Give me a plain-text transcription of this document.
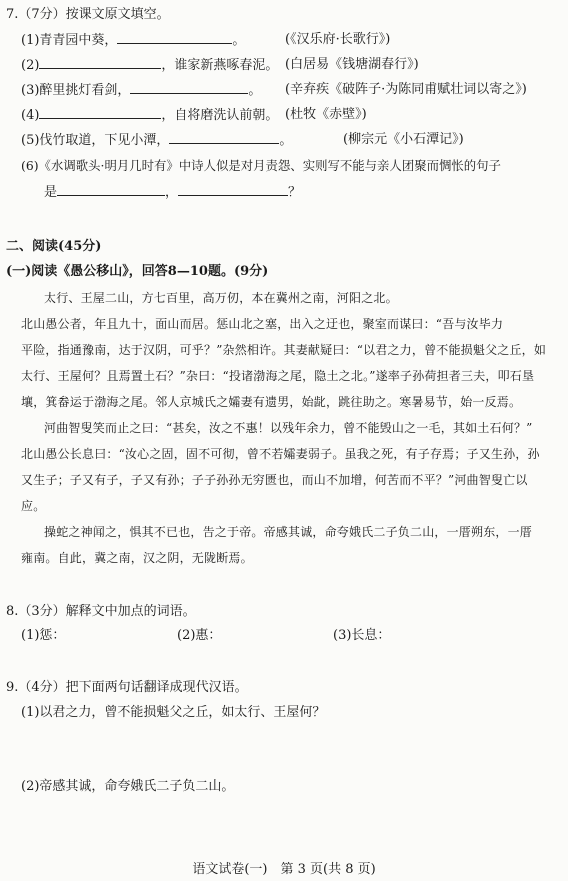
7.（7分）按课文原文填空。
(1)青青园中葵，	。	(《汉乐府·长歌行》)
(2)	，谁家新燕啄春泥。 (白居易《钱塘湖春行》)
(3)醉里挑灯看剑，	。 (辛弃疾《破阵子·为陈同甫赋壮词以寄之》)
(4)	，自将磨洗认前朝。 (杜牧《赤壁》)
(5)伐竹取道，下见小潭，	。	(柳宗元《小石潭记》)
(6)《水调歌头·明月几时有》中诗人似是对月责怨、实则写不能与亲人团聚而惆怅的句子
是	，	？
二、阅读(45分)
(一)阅读《愚公移山》，回答8—10题。(9分)
太行、王屋二山，方七百里，高万仞，本在冀州之南，河阳之北。
北山愚公者，年且九十，面山而居。惩山北之塞，出入之迂也，聚室而谋曰：“吾与汝毕力
平险，指通豫南，达于汉阴，可乎？”杂然相许。其妻献疑曰：“以君之力，曾不能损魁父之丘，如
太行、王屋何？且焉置土石？”杂曰：“投诸渤海之尾，隐土之北。”遂率子孙荷担者三夫，叩石垦
壤，箕畚运于渤海之尾。邻人京城氏之孀妻有遗男，始龀，跳往助之。寒暑易节，始一反焉。
河曲智叟笑而止之曰：“甚矣，汝之不惠！以残年余力，曾不能毁山之一毛，其如土石何？”
北山愚公长息曰：“汝心之固，固不可彻，曾不若孀妻弱子。虽我之死，有子存焉；子又生孙，孙
又生子；子又有子，子又有孙；子子孙孙无穷匮也，而山不加增，何苦而不平？”河曲智叟亡以
应。
操蛇之神闻之，惧其不已也，告之于帝。帝感其诚，命夸娥氏二子负二山，一厝朔东，一厝
雍南。自此，冀之南，汉之阴，无陇断焉。
8.（3分）解释文中加点的词语。
(1)惩：	(2)惠：	(3)长息：
9.（4分）把下面两句话翻译成现代汉语。
(1)以君之力，曾不能损魁父之丘，如太行、王屋何？
(2)帝感其诚，命夸娥氏二子负二山。
语文试卷(一)　第 3 页(共 8 页)
